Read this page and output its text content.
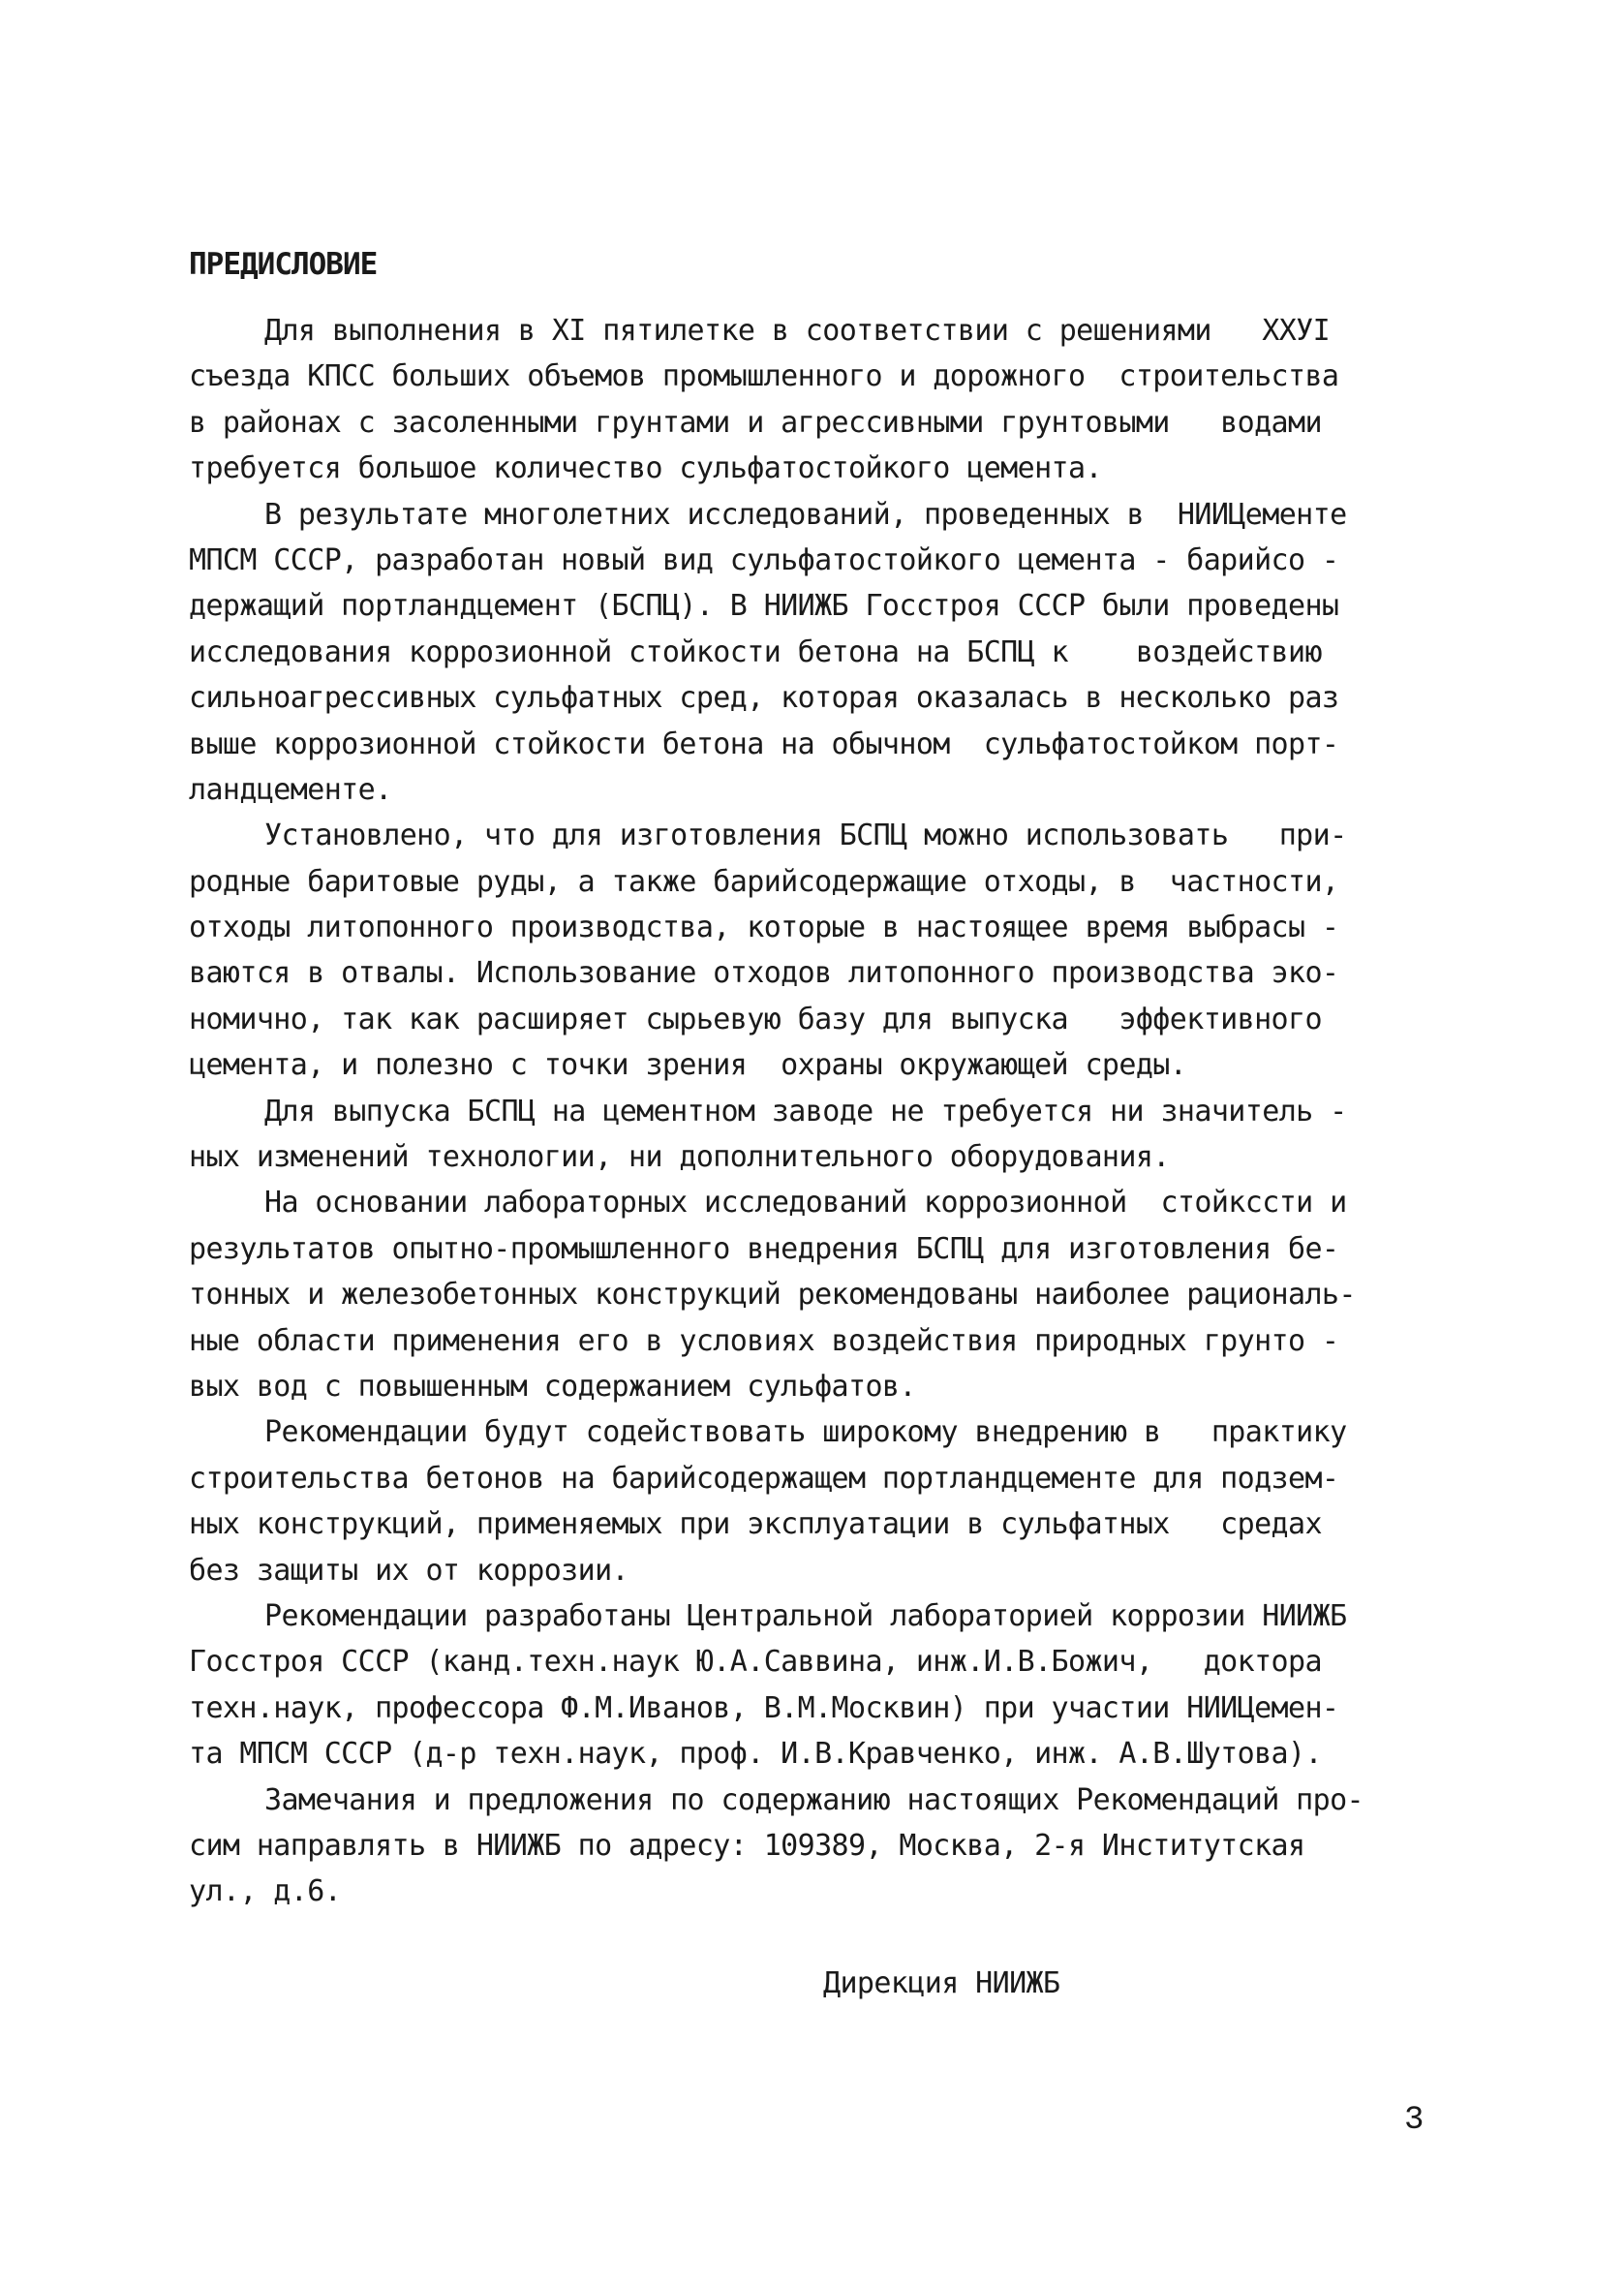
ПРЕДИСЛОВИЕ
Для выполнения в XI пятилетке в соответствии с решениями   XXУI
съезда КПСС больших объемов промышленного и дорожного  строительства
в районах с засоленными грунтами и агрессивными грунтовыми   водами
требуется большое количество сульфатостойкого цемента.
В результате многолетних исследований, проведенных в  НИИЦементе
МПСМ СССР, разработан новый вид сульфатостойкого цемента - барийсо -
держащий портландцемент (БСПЦ). В НИИЖБ Госстроя СССР были проведены
исследования коррозионной стойкости бетона на БСПЦ к    воздействию
сильноагрессивных сульфатных сред, которая оказалась в несколько раз
выше коррозионной стойкости бетона на обычном  сульфатостойком порт-
ландцементе.
Установлено, что для изготовления БСПЦ можно использовать   при-
родные баритовые руды, а также барийсодержащие отходы, в  частности,
отходы литопонного производства, которые в настоящее время выбрасы -
ваются в отвалы. Использование отходов литопонного производства эко-
номично, так как расширяет сырьевую базу для выпуска   эффективного
цемента, и полезно с точки зрения  охраны окружающей среды.
Для выпуска БСПЦ на цементном заводе не требуется ни значитель -
ных изменений технологии, ни дополнительного оборудования.
На основании лабораторных исследований коррозионной  стойкссти и
результатов опытно-промышленного внедрения БСПЦ для изготовления бе-
тонных и железобетонных конструкций рекомендованы наиболее рациональ-
ные области применения его в условиях воздействия природных грунто -
вых вод с повышенным содержанием сульфатов.
Рекомендации будут содействовать широкому внедрению в   практику
строительства бетонов на барийсодержащем портландцементе для подзем-
ных конструкций, применяемых при эксплуатации в сульфатных   средах
без защиты их от коррозии.
Рекомендации разработаны Центральной лабораторией коррозии НИИЖБ
Госстроя СССР (канд.техн.наук Ю.А.Саввина, инж.И.В.Божич,   доктора
техн.наук, профессора Ф.М.Иванов, В.М.Москвин) при участии НИИЦемен-
та МПСМ СССР (д-р техн.наук, проф. И.В.Кравченко, инж. А.В.Шутова).
Замечания и предложения по содержанию настоящих Рекомендаций про-
сим направлять в НИИЖБ по адресу: 109389, Москва, 2-я Институтская
ул., д.6.
Дирекция НИИЖБ
3
